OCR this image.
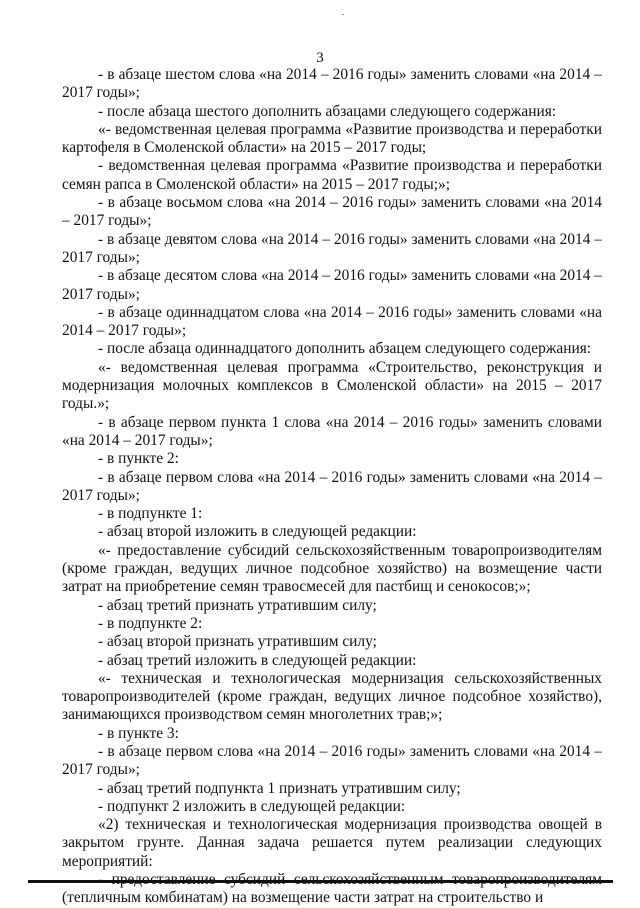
3

- в абзаце шестом слова «на 2014 – 2016 годы» заменить словами «на 2014 – 2017 годы»;

- после абзаца шестого дополнить абзацами следующего содержания:

«- ведомственная целевая программа «Развитие производства и переработки картофеля в Смоленской области» на 2015 – 2017 годы;

- ведомственная целевая программа «Развитие производства и переработки семян рапса в Смоленской области» на 2015 – 2017 годы;»;

- в абзаце восьмом слова «на 2014 – 2016 годы» заменить словами «на 2014 – 2017 годы»;

- в абзаце девятом слова «на 2014 – 2016 годы» заменить словами «на 2014 – 2017 годы»;

- в абзаце десятом слова «на 2014 – 2016 годы» заменить словами «на 2014 – 2017 годы»;

- в абзаце одиннадцатом слова «на 2014 – 2016 годы» заменить словами «на 2014 – 2017 годы»;

- после абзаца одиннадцатого дополнить абзацем следующего содержания:

«- ведомственная целевая программа «Строительство, реконструкция и модернизация молочных комплексов в Смоленской области» на 2015 – 2017 годы.»;

- в абзаце первом пункта 1 слова «на 2014 – 2016 годы» заменить словами «на 2014 – 2017 годы»;

- в пункте 2:

- в абзаце первом слова «на 2014 – 2016 годы» заменить словами «на 2014 – 2017 годы»;

- в подпункте 1:

- абзац второй изложить в следующей редакции:

«- предоставление субсидий сельскохозяйственным товаропроизводителям (кроме граждан, ведущих личное подсобное хозяйство) на возмещение части затрат на приобретение семян травосмесей для пастбищ и сенокосов;»;

- абзац третий признать утратившим силу;

- в подпункте 2:

- абзац второй признать утратившим силу;

- абзац третий изложить в следующей редакции:

«- техническая и технологическая модернизация сельскохозяйственных товаропроизводителей (кроме граждан, ведущих личное подсобное хозяйство), занимающихся производством семян многолетних трав;»;

- в пункте 3:

- в абзаце первом слова «на 2014 – 2016 годы» заменить словами «на 2014 – 2017 годы»;

- абзац третий подпункта 1 признать утратившим силу;

- подпункт 2 изложить в следующей редакции:

«2) техническая и технологическая модернизация производства овощей в закрытом грунте. Данная задача решается путем реализации следующих мероприятий:

(тепличным комбинатам) на возмещение части затрат на строительство и
